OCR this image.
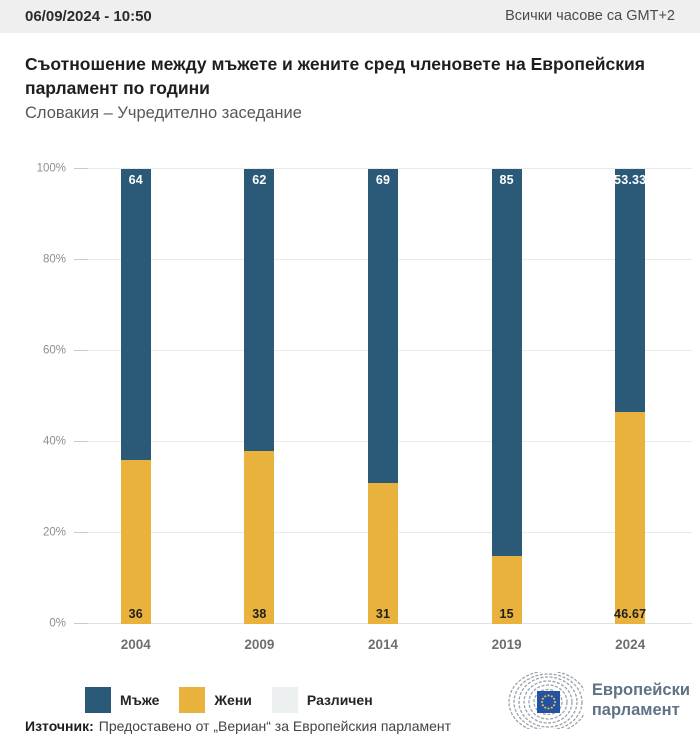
06/09/2024 - 10:50	Всички часове са GMT+2
Съотношение между мъжете и жените сред членовете на Европейския парламент по години
Словакия – Учредително заседание
0%
20%
40%
60%
80%
100%
36
64
2004
38
62
2009
31
69
2014
15
85
2019
46.67
53.33
2024
Мъже	Жени	Различен
Източник: Предоставено от „Вериан“ за Европейския парламент
Европейски
парламент
